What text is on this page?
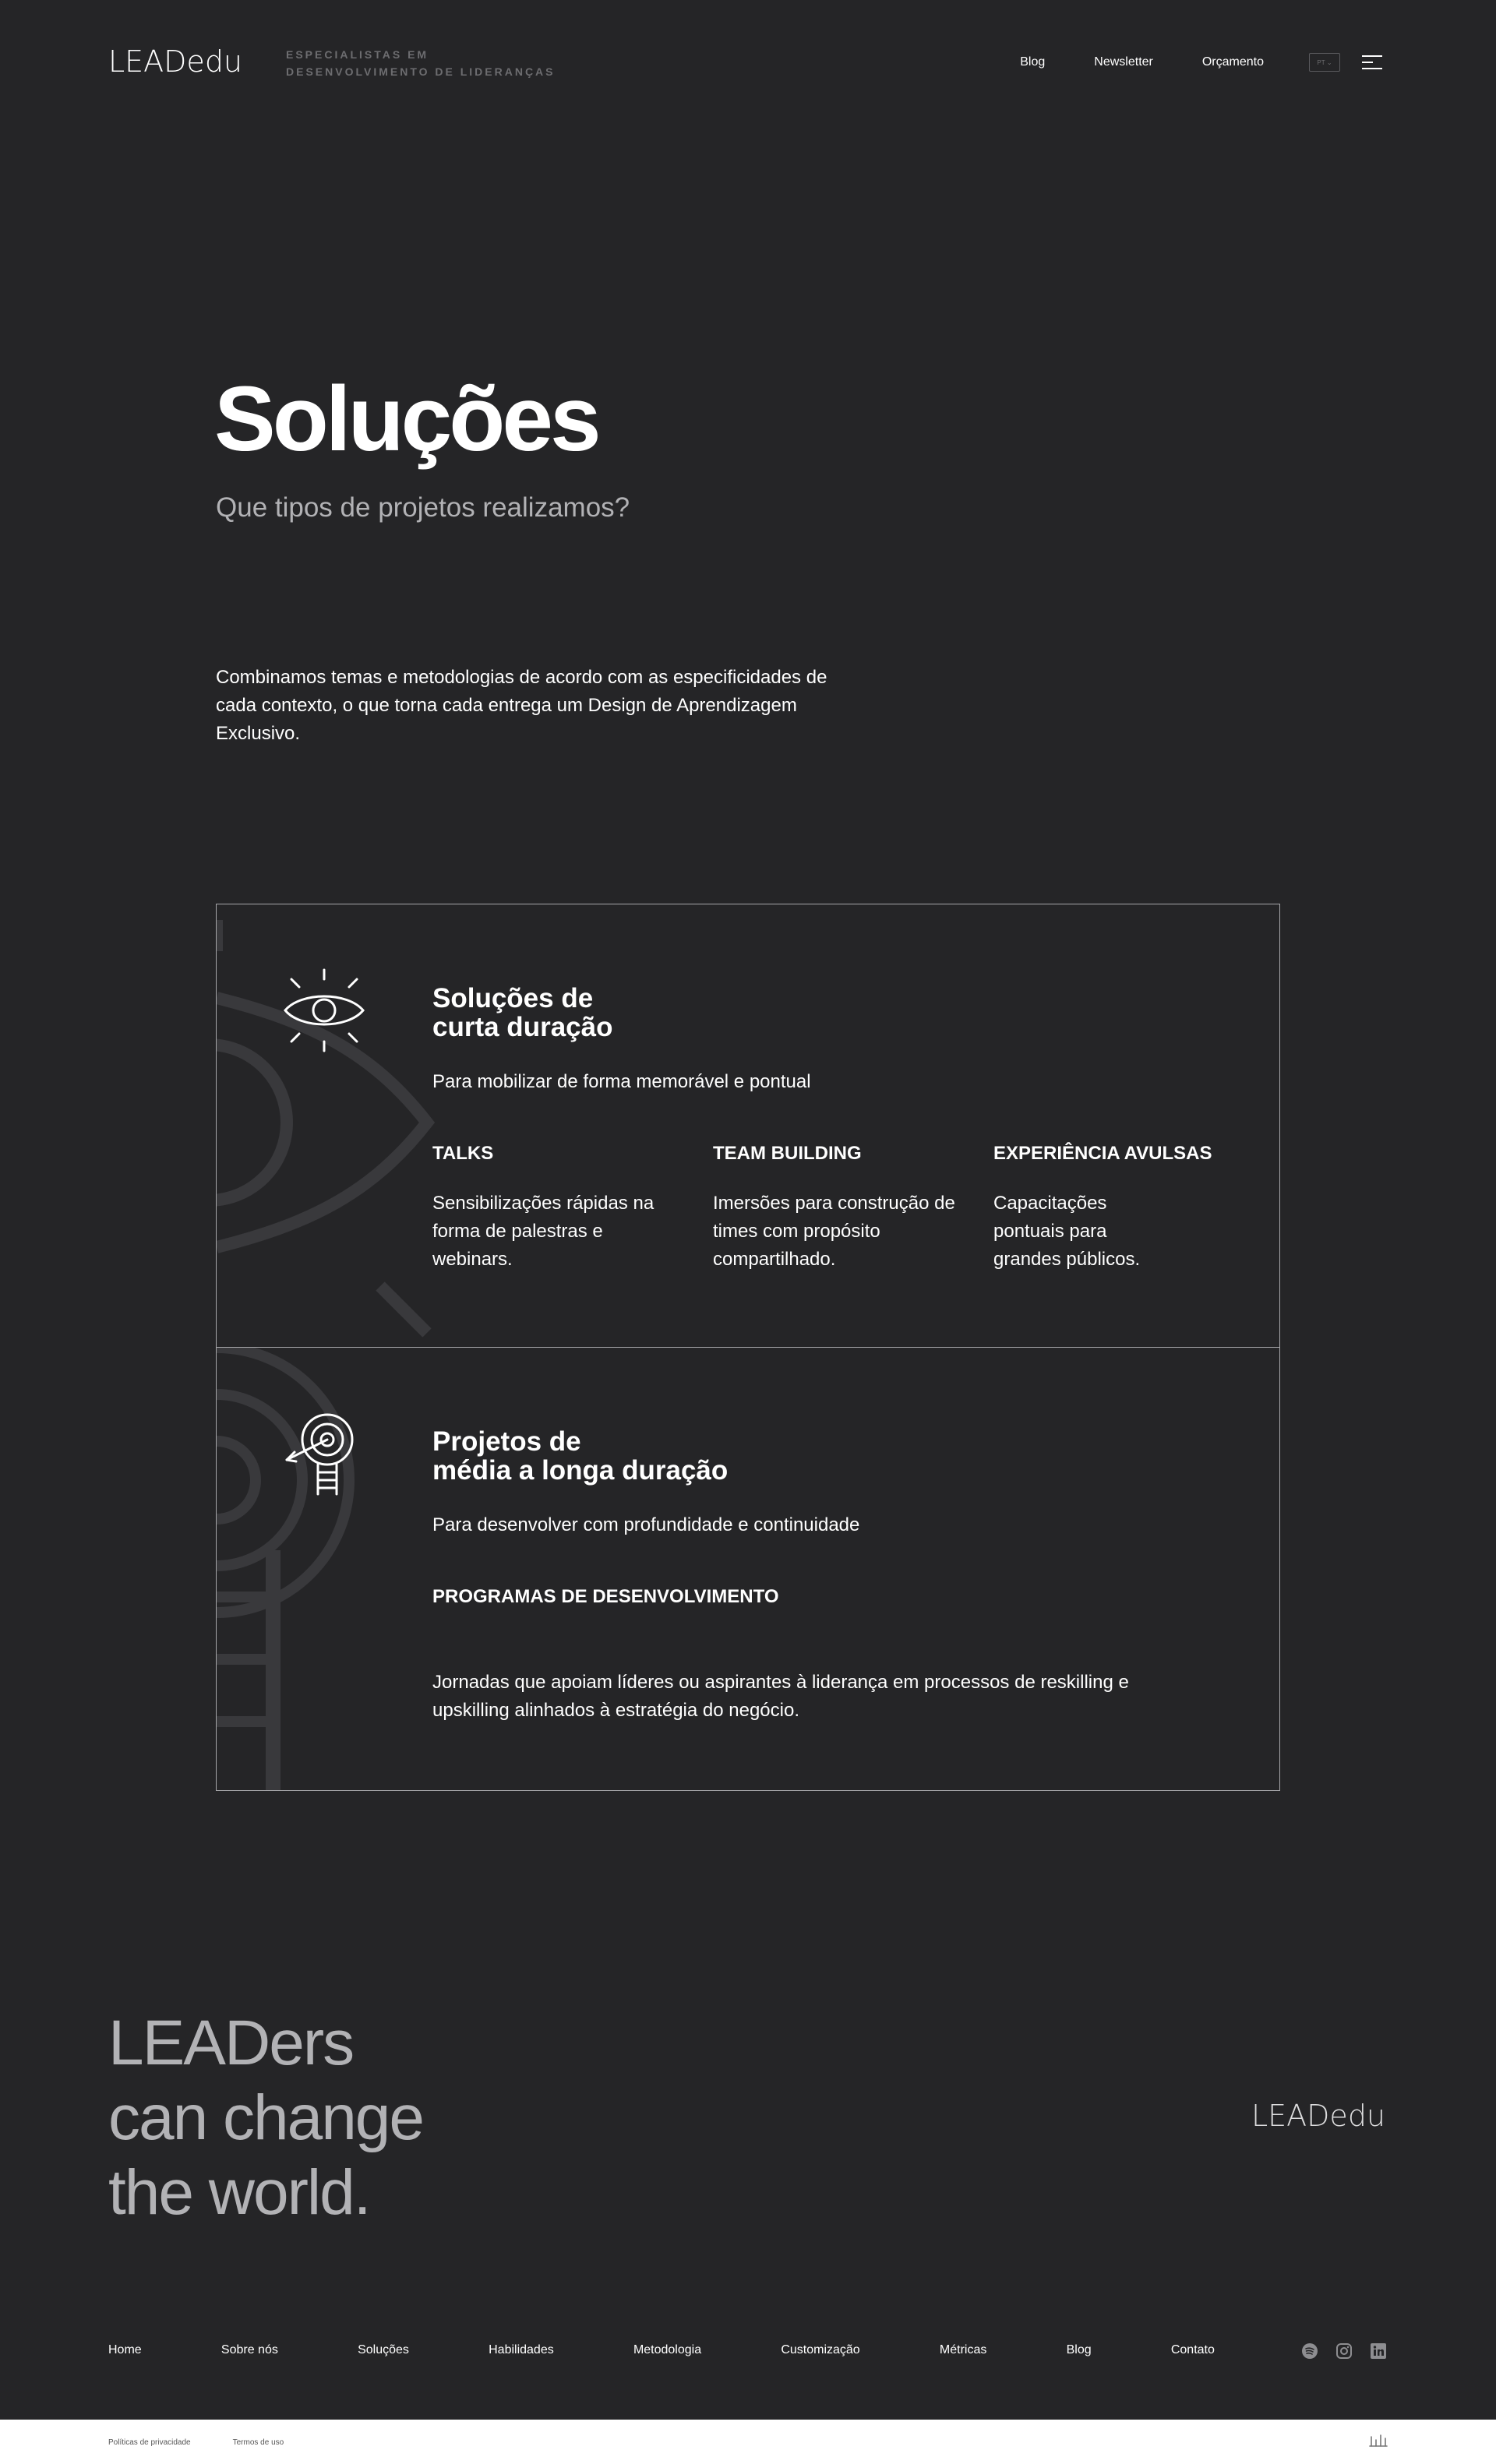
LEADedu	ESPECIALISTAS EM
DESENVOLVIMENTO DE LIDERANÇAS
Blog	Newsletter	Orçamento	PT
⌄
Soluções

Que tipos de projetos realizamos?

Combinamos temas e metodologias de acordo com as especificidades de cada contexto, o que torna cada entrega um Design de Aprendizagem Exclusivo.

Soluções de
curta duração

Para mobilizar de forma memorável e pontual

TALKS
Sensibilizações rápidas na forma de palestras e webinars.
TEAM BUILDING
Imersões para construção de times com propósito compartilhado.
EXPERIÊNCIA AVULSAS
Capacitações pontuais para grandes públicos.
Projetos de
média a longa duração

Para desenvolver com profundidade e continuidade

PROGRAMAS DE DESENVOLVIMENTO
Jornadas que apoiam líderes ou aspirantes à liderança em processos de reskilling e upskilling alinhados à estratégia do negócio.
LEADers
can change
the world.
LEADedu
Home	Sobre nós	Soluções	Habilidades	Metodologia	Customização	Métricas	Blog	Contato
Políticas de privacidade	Termos de uso
